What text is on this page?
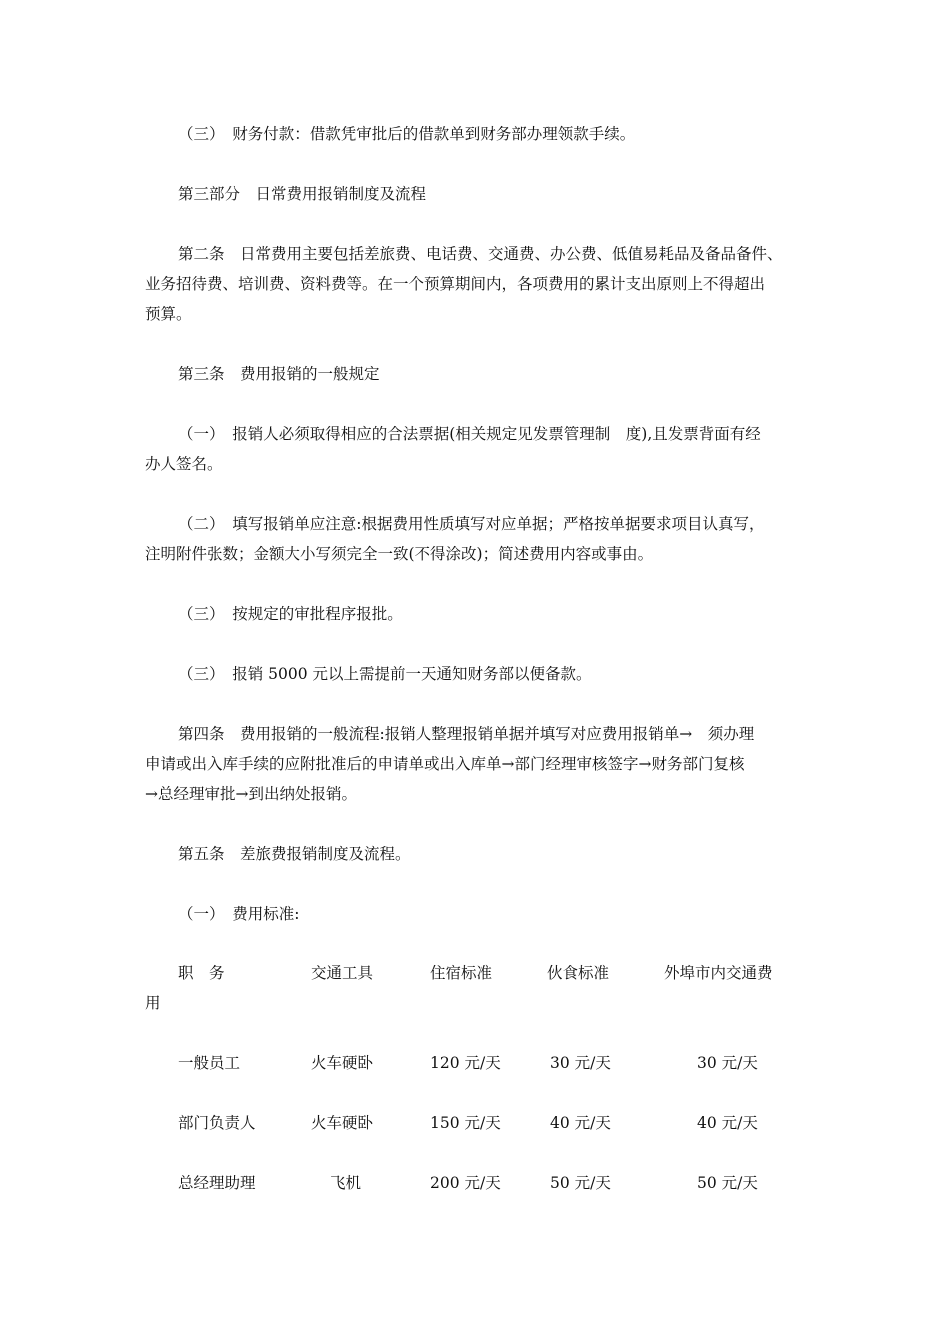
（三）　财务付款：借款凭审批后的借款单到财务部办理领款手续。
第三部分　日常费用报销制度及流程
第二条　日常费用主要包括差旅费、电话费、交通费、办公费、低值易耗品及备品备件、
业务招待费、培训费、资料费等。在一个预算期间内，各项费用的累计支出原则上不得超出
预算。
第三条　费用报销的一般规定
（一）　报销人必须取得相应的合法票据(相关规定见发票管理制　度),且发票背面有经
办人签名。
（二）　填写报销单应注意:根据费用性质填写对应单据；严格按单据要求项目认真写，
注明附件张数；金额大小写须完全一致(不得涂改)；简述费用内容或事由。
（三）　按规定的审批程序报批。
（三）　报销 5000 元以上需提前一天通知财务部以便备款。
第四条　费用报销的一般流程:报销人整理报销单据并填写对应费用报销单→　须办理
申请或出入库手续的应附批准后的申请单或出入库单→部门经理审核签字→财务部门复核
→总经理审批→到出纳处报销。
第五条　差旅费报销制度及流程。
（一）　费用标准:
职　务	交通工具	住宿标准	伙食标准	外埠市内交通费
用
一般员工	火车硬卧	120 元/天	30 元/天	30 元/天
部门负责人	火车硬卧	150 元/天	40 元/天	40 元/天
总经理助理	飞机	200 元/天	50 元/天	50 元/天
